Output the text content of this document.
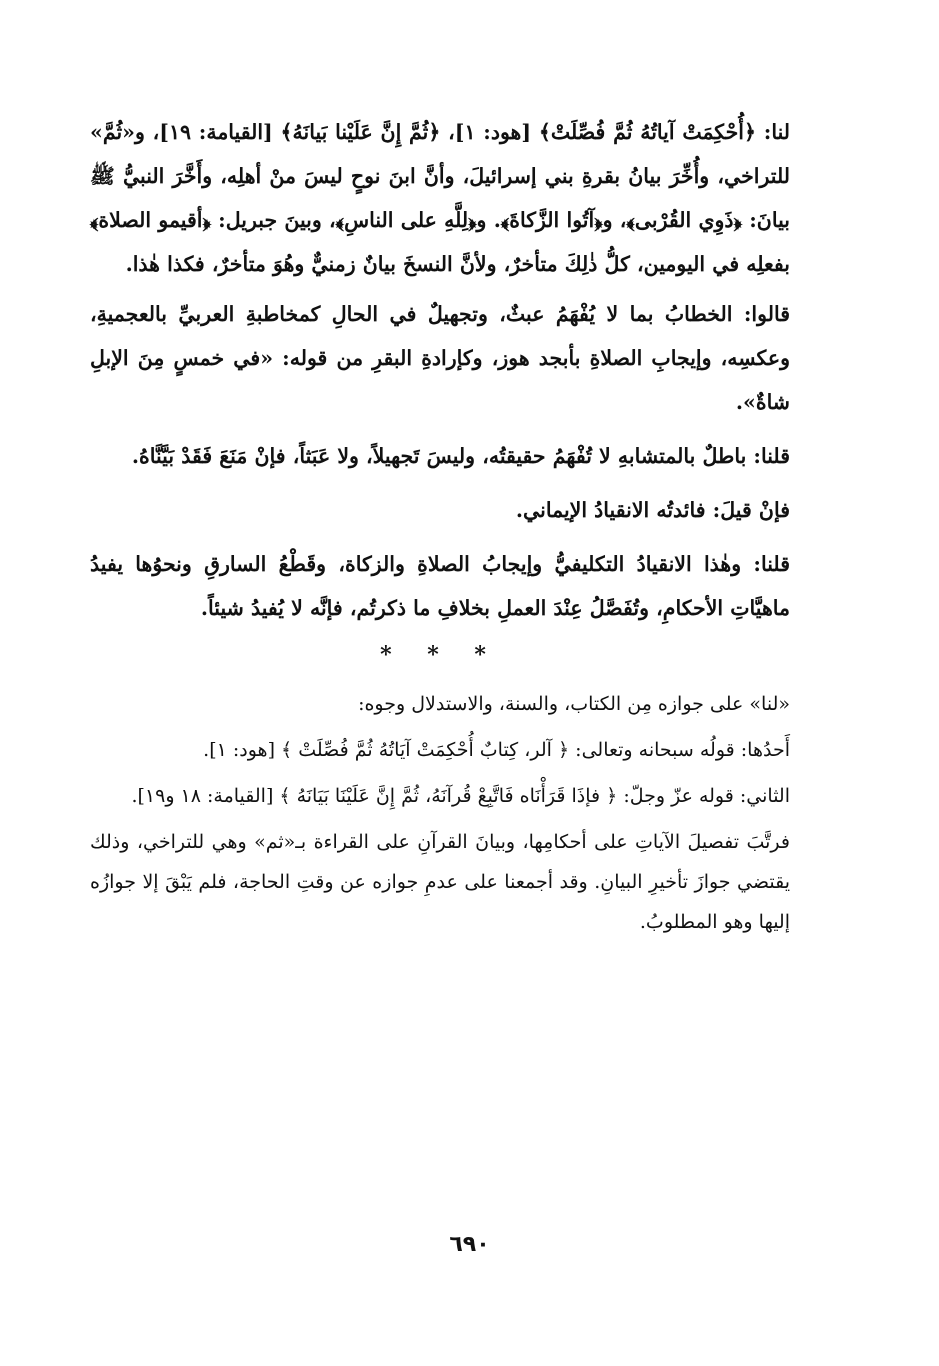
لنا: ﴿أُحْكِمَتْ آياتُهُ ثُمَّ فُصِّلَتْ﴾ [هود: ١]، ﴿ثُمَّ إِنَّ عَلَيْنا بَيانَهُ﴾ [القيامة: ١٩]، و«ثُمَّ» للتراخي، وأُخِّرَ بيانُ بقرةِ بني إسرائيلَ، وأنَّ ابنَ نوحٍ ليسَ منْ أهلِه، وأَخَّرَ النبيُّ ﷺ بيانَ: ﴿ذَوِي القُرْبى﴾، و﴿آتُوا الزَّكاةَ﴾. و﴿لِلَّهِ على الناسِ﴾، وبينَ جبريل: ﴿أقيمو الصلاة﴾ بفعلِه في اليومين، كلُّ ذٰلِكَ متأخرٌ، ولأنَّ النسخَ بيانٌ زمنيٌّ وهُوَ متأخرٌ، فكذا هٰذا.

قالوا: الخطابُ بما لا يُفْهَمُ عبثٌ، وتجهيلٌ في الحالِ كمخاطبةِ العربيِّ بالعجميةِ، وعكسِه، وإيجابِ الصلاةِ بأبجد هوز، وكإرادةِ البقرِ من قوله: «في خمسٍ مِنَ الإبلِ شاةٌ».

قلنا: باطلٌ بالمتشابهِ لا تُفْهَمُ حقيقتُه، وليسَ تَجهيلاً، ولا عَبَثاً، فإنْ مَنَعَ فَقَدْ بَيَّنَّاهُ.

فإنْ قيلَ: فائدتُه الانقيادُ الإيماني.

قلنا: وهٰذا الانقيادُ التكليفيُّ وإيجابُ الصلاةِ والزكاة، وقَطْعُ السارقِ ونحوُها يفيدُ ماهيَّاتِ الأحكامِ، وتُفَصَّلُ عِنْدَ العملِ بخلافِ ما ذكرتُم، فإنَّه لا يُفيدُ شيئاً.

* * *

«لنا» على جوازه مِن الكتاب، والسنة، والاستدلال وجوه:

أَحدُها: قولُه سبحانه وتعالى: ﴿ آلر، كِتابٌ أُحْكِمَتْ آيَاتُهُ ثُمَّ فُصِّلَتْ ﴾ [هود: ١].

الثاني: قوله عزّ وجلّ: ﴿ فإذَا قَرَأْنَاه فَاتَّبِعْ قُرآنَهُ، ثُمَّ إِنَّ عَلَيْنَا بَيَانَهُ ﴾ [القيامة: ١٨ و١٩].

فرتَّبَ تفصيلَ الآياتِ على أحكامِها، وبيانَ القرآنِ على القراءة بـ«ثم» وهي للتراخي، وذلك يقتضي جوازَ تأخيرِ البيانِ. وقد أجمعنا على عدمِ جوازه عن وقتِ الحاجة، فلم يَبْقَ إلا جوازُه إليها وهو المطلوبُ.

٦٩٠
